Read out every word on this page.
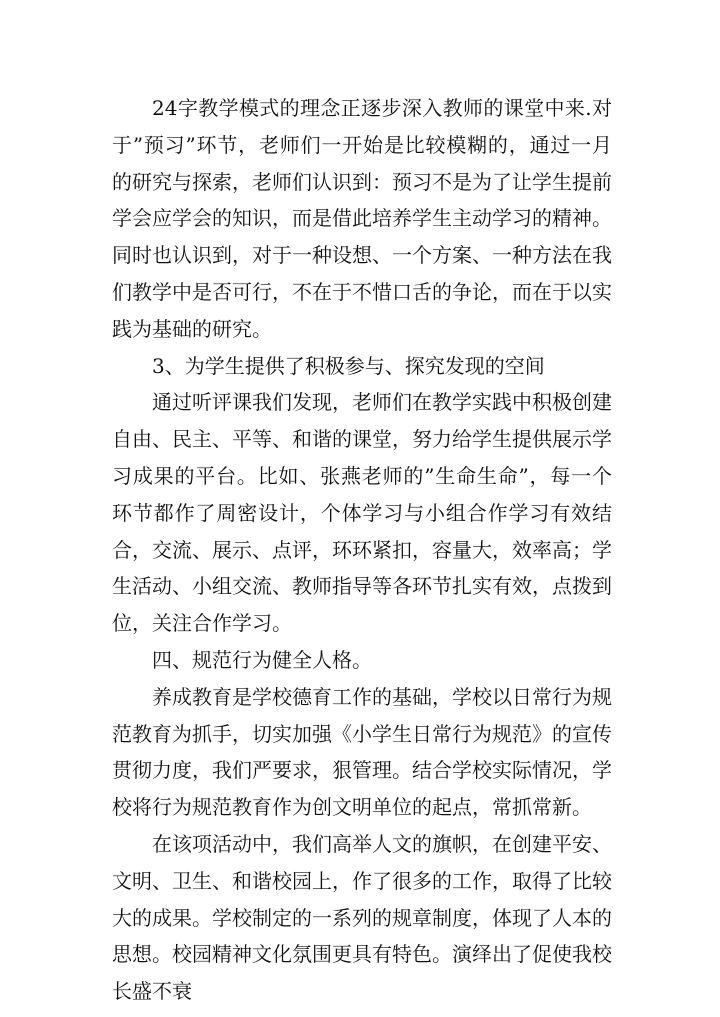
24字教学模式的理念正逐步深入教师的课堂中来.对于”预习”环节，老师们一开始是比较模糊的，通过一月的研究与探索，老师们认识到：预习不是为了让学生提前学会应学会的知识，而是借此培养学生主动学习的精神。同时也认识到，对于一种设想、一个方案、一种方法在我们教学中是否可行，不在于不惜口舌的争论，而在于以实践为基础的研究。

3、为学生提供了积极参与、探究发现的空间

通过听评课我们发现，老师们在教学实践中积极创建自由、民主、平等、和谐的课堂，努力给学生提供展示学习成果的平台。比如、张燕老师的”生命生命”，每一个环节都作了周密设计，个体学习与小组合作学习有效结合，交流、展示、点评，环环紧扣，容量大，效率高；学生活动、小组交流、教师指导等各环节扎实有效，点拨到位，关注合作学习。

四、规范行为健全人格。

养成教育是学校德育工作的基础，学校以日常行为规范教育为抓手，切实加强《小学生日常行为规范》的宣传贯彻力度，我们严要求，狠管理。结合学校实际情况，学校将行为规范教育作为创文明单位的起点，常抓常新。

在该项活动中，我们高举人文的旗帜，在创建平安、文明、卫生、和谐校园上，作了很多的工作，取得了比较大的成果。学校制定的一系列的规章制度，体现了人本的思想。校园精神文化氛围更具有特色。演绎出了促使我校长盛不衰
